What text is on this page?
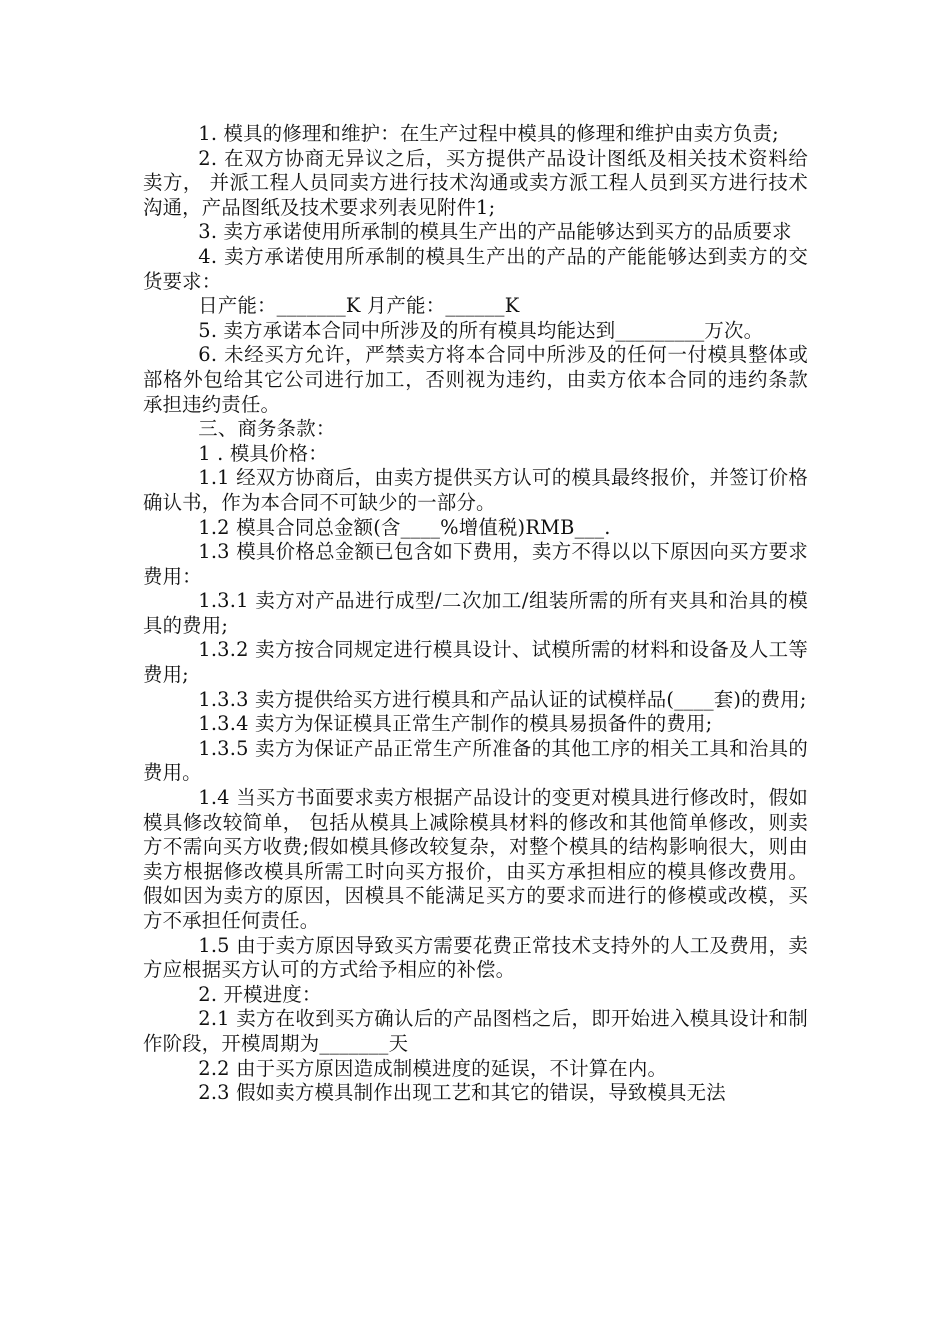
1. 模具的修理和维护：在生产过程中模具的修理和维护由卖方负责;

2. 在双方协商无异议之后，买方提供产品设计图纸及相关技术资料给卖方， 并派工程人员同卖方进行技术沟通或卖方派工程人员到买方进行技术沟通，产品图纸及技术要求列表见附件1;

3. 卖方承诺使用所承制的模具生产出的产品能够达到买方的品质要求

4. 卖方承诺使用所承制的模具生产出的产品的产能能够达到卖方的交货要求：

日产能：_______K 月产能：______K

5. 卖方承诺本合同中所涉及的所有模具均能达到_________万次。

6. 未经买方允许，严禁卖方将本合同中所涉及的任何一付模具整体或部格外包给其它公司进行加工，否则视为违约，由卖方依本合同的违约条款承担违约责任。

三、商务条款：

1 . 模具价格：

1.1 经双方协商后，由卖方提供买方认可的模具最终报价，并签订价格确认书，作为本合同不可缺少的一部分。

1.2 模具合同总金额(含____%增值税)RMB___.

1.3 模具价格总金额已包含如下费用，卖方不得以以下原因向买方要求费用：

1.3.1 卖方对产品进行成型/二次加工/组装所需的所有夹具和治具的模具的费用;

1.3.2 卖方按合同规定进行模具设计、试模所需的材料和设备及人工等费用;

1.3.3 卖方提供给买方进行模具和产品认证的试模样品(____套)的费用;

1.3.4 卖方为保证模具正常生产制作的模具易损备件的费用;

1.3.5 卖方为保证产品正常生产所准备的其他工序的相关工具和治具的费用。

1.4 当买方书面要求卖方根据产品设计的变更对模具进行修改时，假如模具修改较简单， 包括从模具上减除模具材料的修改和其他简单修改，则卖方不需向买方收费;假如模具修改较复杂，对整个模具的结构影响很大，则由卖方根据修改模具所需工时向买方报价，由买方承担相应的模具修改费用。假如因为卖方的原因，因模具不能满足买方的要求而进行的修模或改模，买方不承担任何责任。

1.5 由于卖方原因导致买方需要花费正常技术支持外的人工及费用，卖方应根据买方认可的方式给予相应的补偿。

2. 开模进度：

2.1 卖方在收到买方确认后的产品图档之后，即开始进入模具设计和制作阶段，开模周期为_______天

2.2 由于买方原因造成制模进度的延误，不计算在内。

2.3 假如卖方模具制作出现工艺和其它的错误，导致模具无法
